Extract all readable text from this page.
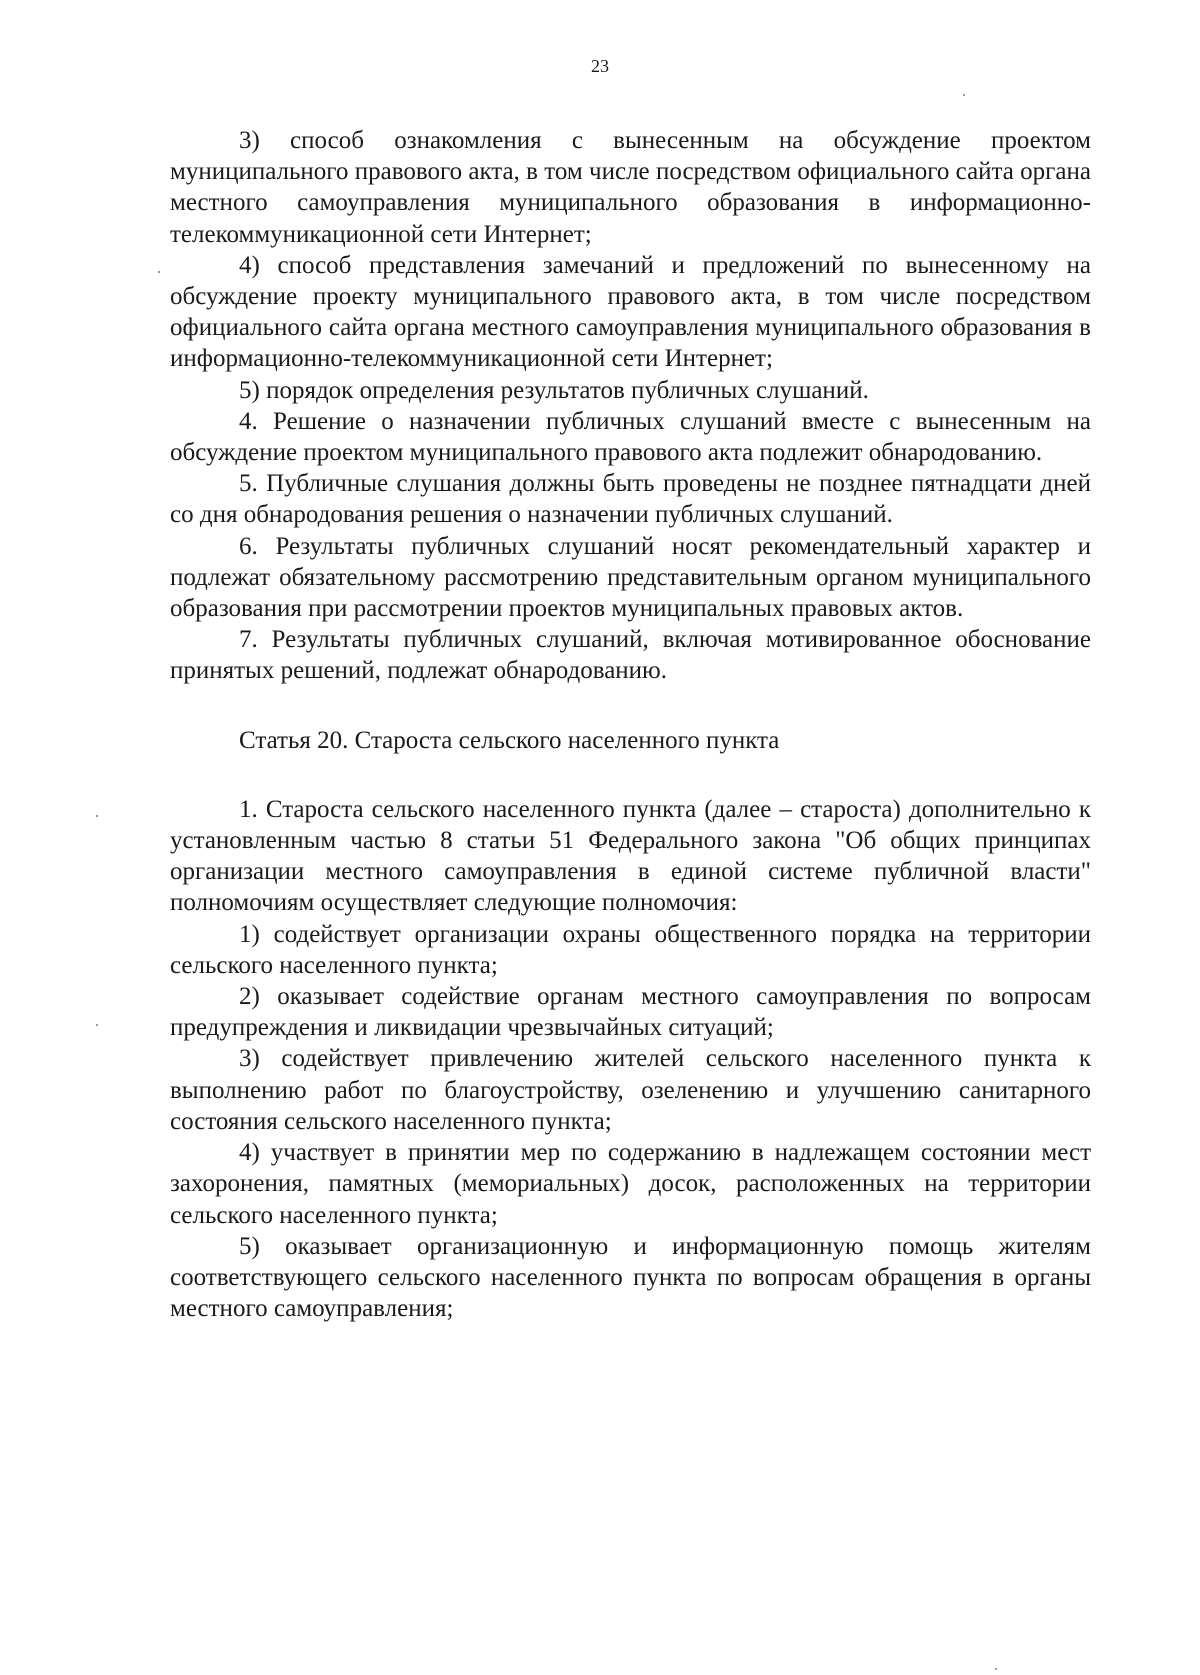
23

3) способ ознакомления с вынесенным на обсуждение проектом муниципального правового акта, в том числе посредством официального сайта органа местного самоуправления муниципального образования в информационно-телекоммуникационной сети Интернет;

4) способ представления замечаний и предложений по вынесенному на обсуждение проекту муниципального правового акта, в том числе посредством официального сайта органа местного самоуправления муниципального образования в информационно-телекоммуникационной сети Интернет;

5) порядок определения результатов публичных слушаний.

4. Решение о назначении публичных слушаний вместе с вынесенным на обсуждение проектом муниципального правового акта подлежит обнародованию.

5. Публичные слушания должны быть проведены не позднее пятнадцати дней со дня обнародования решения о назначении публичных слушаний.

6. Результаты публичных слушаний носят рекомендательный характер и подлежат обязательному рассмотрению представительным органом муниципального образования при рассмотрении проектов муниципальных правовых актов.

7. Результаты публичных слушаний, включая мотивированное обоснование принятых решений, подлежат обнародованию.

Статья 20. Староста сельского населенного пункта

1. Староста сельского населенного пункта (далее – староста) дополнительно к установленным частью 8 статьи 51 Федерального закона "Об общих принципах организации местного самоуправления в единой системе публичной власти" полномочиям осуществляет следующие полномочия:

1) содействует организации охраны общественного порядка на территории сельского населенного пункта;

2) оказывает содействие органам местного самоуправления по вопросам предупреждения и ликвидации чрезвычайных ситуаций;

3) содействует привлечению жителей сельского населенного пункта к выполнению работ по благоустройству, озеленению и улучшению санитарного состояния сельского населенного пункта;

4) участвует в принятии мер по содержанию в надлежащем состоянии мест захоронения, памятных (мемориальных) досок, расположенных на территории сельского населенного пункта;

5) оказывает организационную и информационную помощь жителям соответствующего сельского населенного пункта по вопросам обращения в органы местного самоуправления;
